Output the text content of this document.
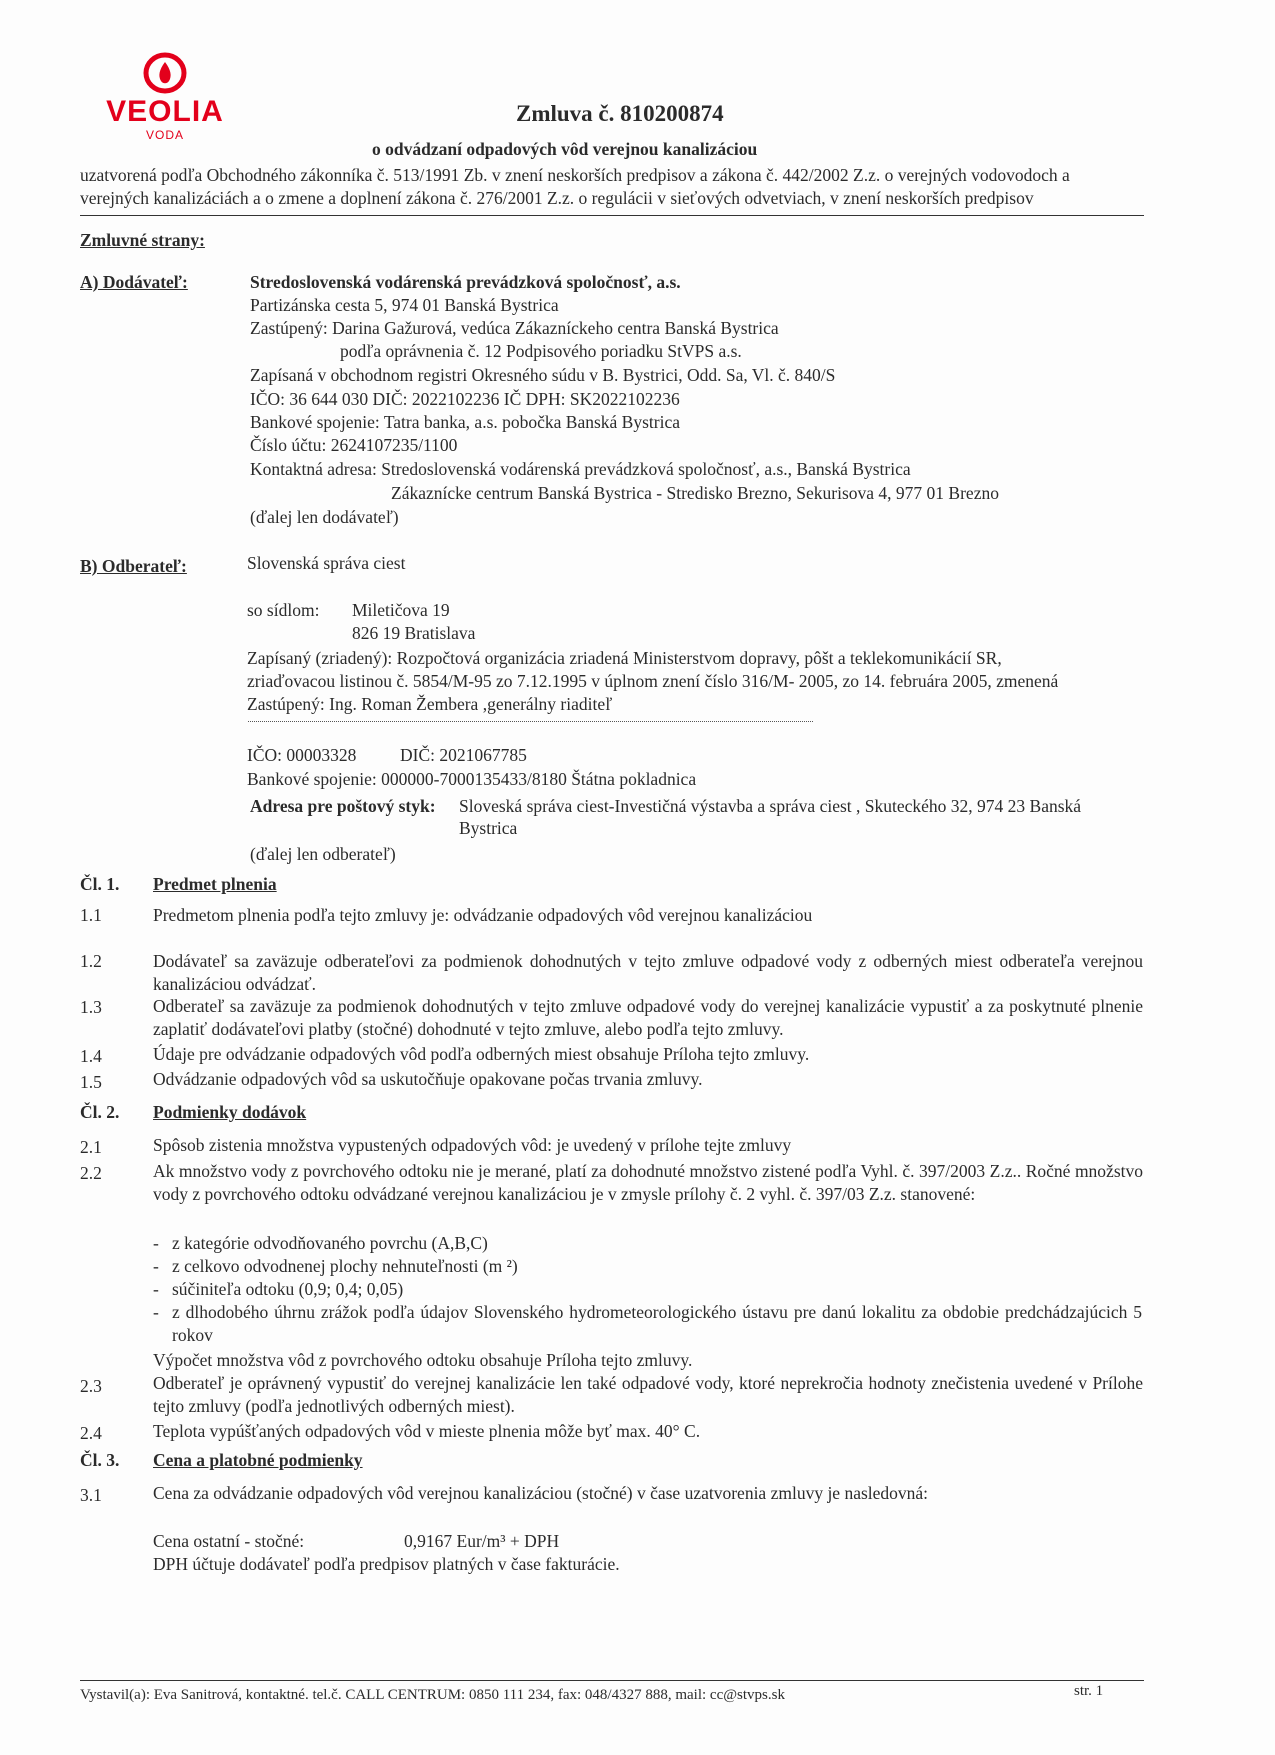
VEOLIA
VODA
Zmluva č. 810200874
o odvádzaní odpadových vôd verejnou kanalizáciou
uzatvorená podľa Obchodného zákonníka č. 513/1991 Zb. v znení neskorších predpisov a zákona č. 442/2002 Z.z. o verejných vodovodoch a verejných kanalizáciách a o zmene a doplnení zákona č. 276/2001 Z.z. o regulácii v sieťových odvetviach, v znení neskorších predpisov
Zmluvné strany:
A) Dodávateľ:	Stredoslovenská vodárenská prevádzková spoločnosť, a.s.
Partizánska cesta 5, 974 01 Banská Bystrica
Zastúpený: Darina Gažurová, vedúca Zákazníckeho centra Banská Bystrica
podľa oprávnenia č. 12 Podpisového poriadku StVPS a.s.
Zapísaná v obchodnom registri Okresného súdu v B. Bystrici, Odd. Sa, Vl. č. 840/S
IČO: 36 644 030 DIČ: 2022102236 IČ DPH: SK2022102236
Bankové spojenie: Tatra banka, a.s. pobočka Banská Bystrica
Číslo účtu: 2624107235/1100
Kontaktná adresa: Stredoslovenská vodárenská prevádzková spoločnosť, a.s., Banská Bystrica
Zákaznícke centrum Banská Bystrica - Stredisko Brezno, Sekurisova 4, 977 01 Brezno
(ďalej len dodávateľ)
B) Odberateľ:	Slovenská správa ciest
so sídlom: Miletičova 19
826 19 Bratislava
Zapísaný (zriadený): Rozpočtová organizácia zriadená Ministerstvom dopravy, pôšt a teklekomunikácií SR,
zriaďovacou listinou č. 5854/M-95 zo 7.12.1995 v úplnom znení číslo 316/M- 2005, zo 14. februára 2005, zmenená
Zastúpený: Ing. Roman Žembera ,generálny riaditeľ
IČO: 00003328 DIČ: 2021067785
Bankové spojenie: 000000-7000135433/8180 Štátna pokladnica
Adresa pre poštový styk: Sloveská správa ciest-Investičná výstavba a správa ciest , Skuteckého 32, 974 23 Banská
Bystrica
(ďalej len odberateľ)
Čl. 1. Predmet plnenia
1.1	Predmetom plnenia podľa tejto zmluvy je: odvádzanie odpadových vôd verejnou kanalizáciou
1.2	Dodávateľ sa zaväzuje odberateľovi za podmienok dohodnutých v tejto zmluve odpadové vody z odberných miest odberateľa verejnou kanalizáciou odvádzať.
1.3	Odberateľ sa zaväzuje za podmienok dohodnutých v tejto zmluve odpadové vody do verejnej kanalizácie vypustiť a za poskytnuté plnenie zaplatiť dodávateľovi platby (stočné) dohodnuté v tejto zmluve, alebo podľa tejto zmluvy.
1.4	Údaje pre odvádzanie odpadových vôd podľa odberných miest obsahuje Príloha tejto zmluvy.
1.5	Odvádzanie odpadových vôd sa uskutočňuje opakovane počas trvania zmluvy.
Čl. 2. Podmienky dodávok
2.1	Spôsob zistenia množstva vypustených odpadových vôd: je uvedený v prílohe tejte zmluvy
2.2	Ak množstvo vody z povrchového odtoku nie je merané, platí za dohodnuté množstvo zistené podľa Vyhl. č. 397/2003 Z.z.. Ročné množstvo vody z povrchového odtoku odvádzané verejnou kanalizáciou je v zmysle prílohy č. 2 vyhl. č. 397/03 Z.z. stanovené:
- z kategórie odvodňovaného povrchu (A,B,C)
- z celkovo odvodnenej plochy nehnuteľnosti (m ²)
- súčiniteľa odtoku (0,9; 0,4; 0,05)
- z dlhodobého úhrnu zrážok podľa údajov Slovenského hydrometeorologického ústavu pre danú lokalitu za obdobie predchádzajúcich 5 rokov
Výpočet množstva vôd z povrchového odtoku obsahuje Príloha tejto zmluvy.
2.3	Odberateľ je oprávnený vypustiť do verejnej kanalizácie len také odpadové vody, ktoré neprekročia hodnoty znečistenia uvedené v Prílohe tejto zmluvy (podľa jednotlivých odberných miest).
2.4	Teplota vypúšťaných odpadových vôd v mieste plnenia môže byť max. 40° C.
Čl. 3. Cena a platobné podmienky
3.1	Cena za odvádzanie odpadových vôd verejnou kanalizáciou (stočné) v čase uzatvorenia zmluvy je nasledovná:
Cena ostatní - stočné:	0,9167 Eur/m³ + DPH
DPH účtuje dodávateľ podľa predpisov platných v čase fakturácie.
Vystavil(a): Eva Sanitrová, kontaktné. tel.č. CALL CENTRUM: 0850 111 234, fax: 048/4327 888, mail: cc@stvps.sk	str. 1
